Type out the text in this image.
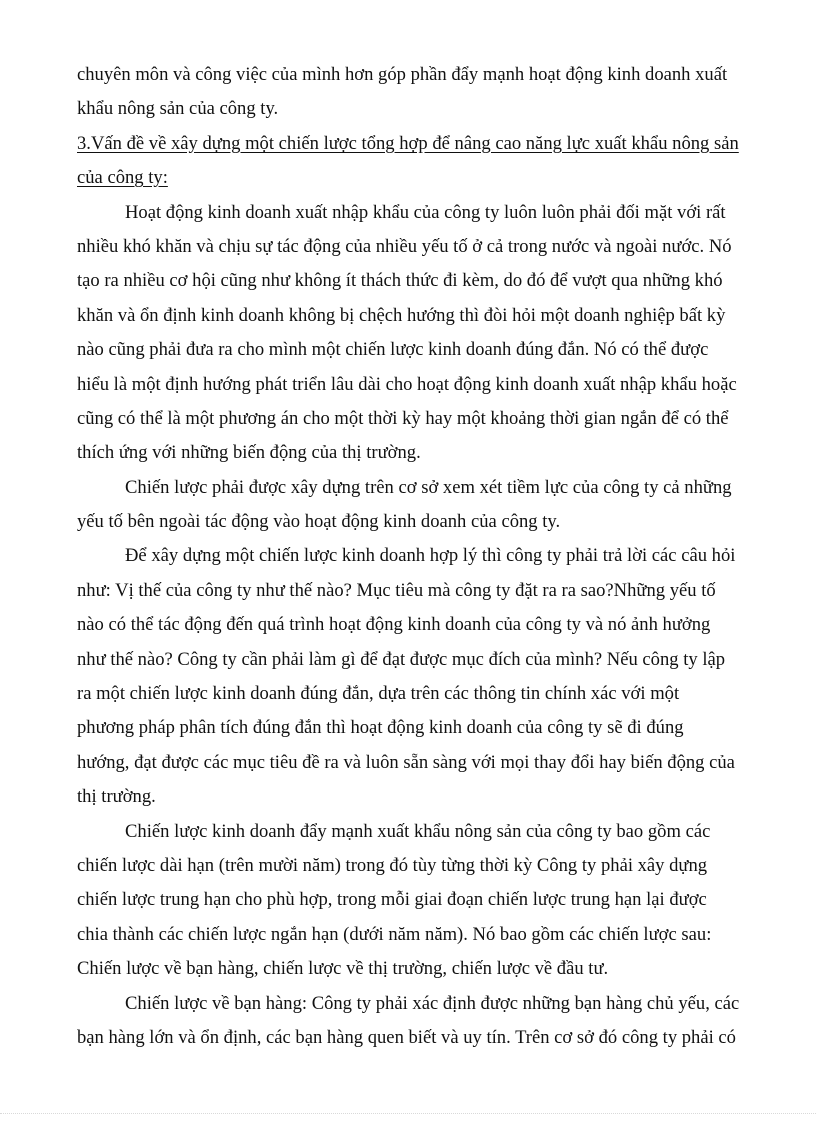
chuyên môn và công việc của mình hơn góp phần đẩy mạnh hoạt động kinh doanh xuất
khẩu nông sản của công ty.
3.Vấn đề về xây dựng một chiến lược tổng hợp để nâng cao năng lực xuất khẩu nông sản
của công ty:
Hoạt động kinh doanh xuất nhập khẩu của công ty luôn luôn phải đối mặt với rất
nhiều khó khăn và chịu sự tác động của nhiều yếu tố ở cả trong nước và ngoài nước. Nó
tạo ra nhiều cơ hội cũng như không ít thách thức đi kèm, do đó để vượt qua những khó
khăn và ổn định kinh doanh không bị chệch hướng thì đòi hỏi một doanh nghiệp bất kỳ
nào cũng phải đưa ra cho mình một chiến lược kinh doanh đúng đắn. Nó có thể được
hiểu là một định hướng phát triển lâu dài cho hoạt động kinh doanh xuất nhập khẩu hoặc
cũng có thể là một phương án cho một thời kỳ hay một khoảng thời gian ngắn để có thể
thích ứng với những biến động của thị trường.
Chiến lược phải được xây dựng trên cơ sở xem xét tiềm lực của công ty cả những
yếu tố bên ngoài tác động vào hoạt động kinh doanh của công ty.
Để xây dựng một chiến lược kinh doanh hợp lý thì công ty phải trả lời các câu hỏi
như: Vị thế của công ty như thế nào? Mục tiêu mà công ty đặt ra ra sao?Những yếu tố
nào có thể tác động đến quá trình hoạt động kinh doanh của công ty và nó ảnh hưởng
như thế nào? Công ty cần phải làm gì để đạt được mục đích của mình? Nếu công ty lập
ra một chiến lược kinh doanh đúng đắn, dựa trên các thông tin chính xác với một
phương pháp phân tích đúng đắn thì hoạt động kinh doanh của công ty sẽ đi đúng
hướng, đạt được các mục tiêu đề ra và luôn sẵn sàng với mọi thay đổi hay biến động của
thị trường.
Chiến lược kinh doanh đẩy mạnh xuất khẩu nông sản của công ty bao gồm các
chiến lược dài hạn (trên mười năm) trong đó tùy từng thời kỳ Công ty phải xây dựng
chiến lược trung hạn cho phù hợp, trong mỗi giai đoạn chiến lược trung hạn lại được
chia thành các chiến lược ngắn hạn (dưới năm năm). Nó bao gồm các chiến lược sau:
Chiến lược về bạn hàng, chiến lược về thị trường, chiến lược về đầu tư.
Chiến lược về bạn hàng: Công ty phải xác định được những bạn hàng chủ yếu, các
bạn hàng lớn và ổn định, các bạn hàng quen biết và uy tín. Trên cơ sở đó công ty phải có
